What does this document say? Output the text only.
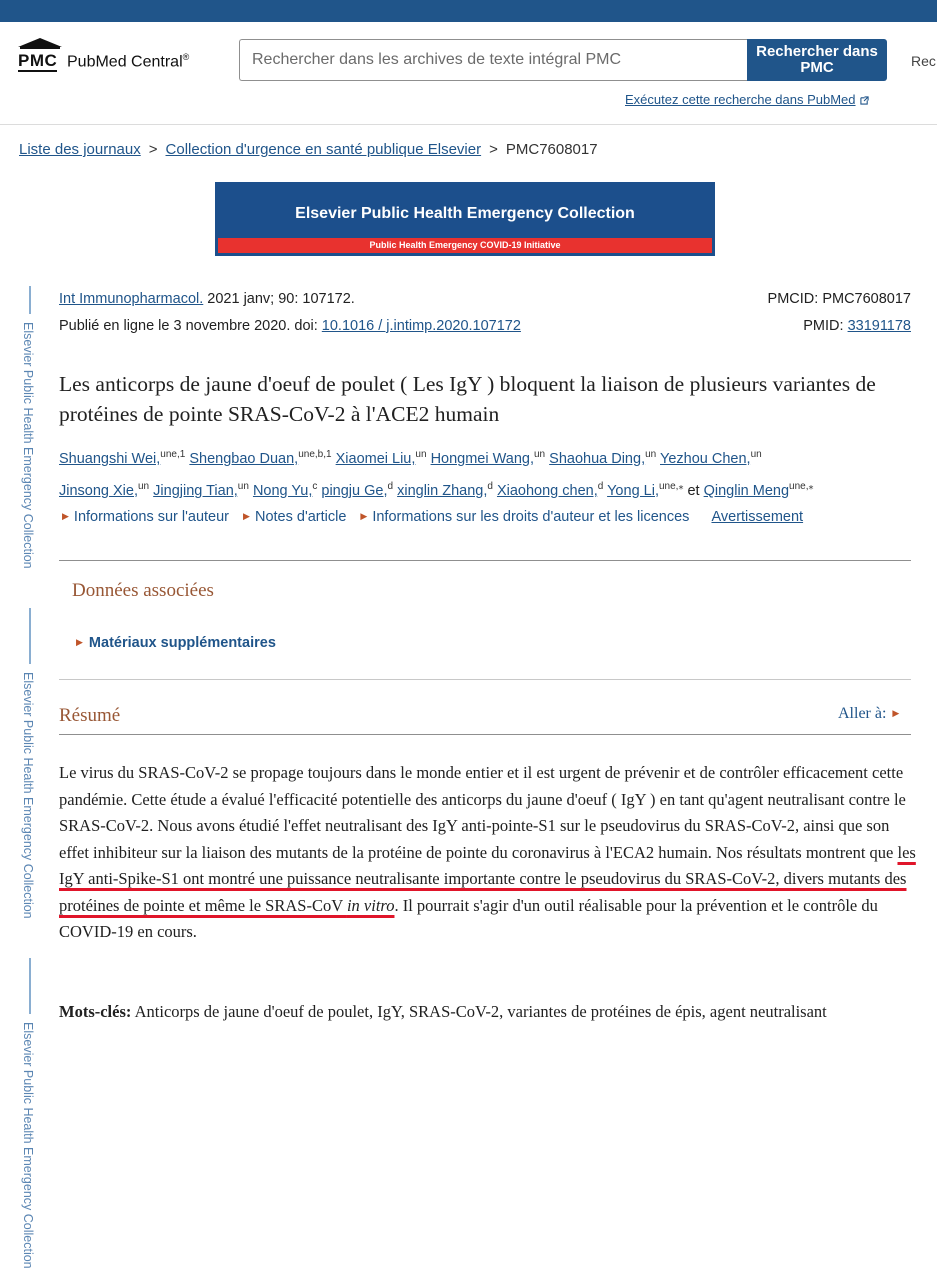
PMC PubMed Central®
Rechercher dans les archives de texte intégral PMC	Rechercher dans PMC	Rec
Exécutez cette recherche dans PubMed
Liste des journaux > Collection d'urgence en santé publique Elsevier > PMC7608017
Elsevier Public Health Emergency Collection
Public Health Emergency COVID-19 Initiative
Elsevier Public Health Emergency Collection
Elsevier Public Health Emergency Collection
Elsevier Public Health Emergency Collection
Int Immunopharmacol. 2021 janv; 90: 107172.
Publié en ligne le 3 novembre 2020. doi: 10.1016 / j.intimp.2020.107172
PMCID: PMC7608017
PMID: 33191178
Les anticorps de jaune d'oeuf de poulet ( Les IgY ) bloquent la liaison de plusieurs variantes de protéines de pointe SRAS-CoV-2 à l'ACE2 humain
Shuangshi Wei,$^{une,1}$ Shengbao Duan,$^{une,b,1}$ Xiaomei Liu,$^{un}$ Hongmei Wang,$^{un}$ Shaohua Ding,$^{un}$ Yezhou Chen,$^{un}$
Jinsong Xie,$^{un}$ Jingjing Tian,$^{un}$ Nong Yu,$^c$ pingju Ge,$^d$ xinglin Zhang,$^d$ Xiaohong chen,$^d$ Yong Li,$^{une,⁎}$ et Qinglin Meng$^{une,⁎}$
▶ Informations sur l'auteur ▶ Notes d'article ▶ Informations sur les droits d'auteur et les licences Avertissement
Données associées
▶ Matériaux supplémentaires
Résumé	Aller à: ▶
Le virus du SRAS-CoV-2 se propage toujours dans le monde entier et il est urgent de prévenir et de contrôler efficacement cette pandémie. Cette étude a évalué l'efficacité potentielle des anticorps du jaune d'oeuf ( IgY ) en tant qu'agent neutralisant contre le SRAS-CoV-2. Nous avons étudié l'effet neutralisant des IgY anti-pointe-S1 sur le pseudovirus du SRAS-CoV-2, ainsi que son effet inhibiteur sur la liaison des mutants de la protéine de pointe du coronavirus à l'ECA2 humain. Nos résultats montrent que les IgY anti-Spike-S1 ont montré une puissance neutralisante importante contre le pseudovirus du SRAS-CoV-2, divers mutants des protéines de pointe et même le SRAS-CoV in vitro. Il pourrait s'agir d'un outil réalisable pour la prévention et le contrôle du COVID-19 en cours.
Mots-clés: Anticorps de jaune d'oeuf de poulet, IgY, SRAS-CoV-2, variantes de protéines de épis, agent neutralisant
